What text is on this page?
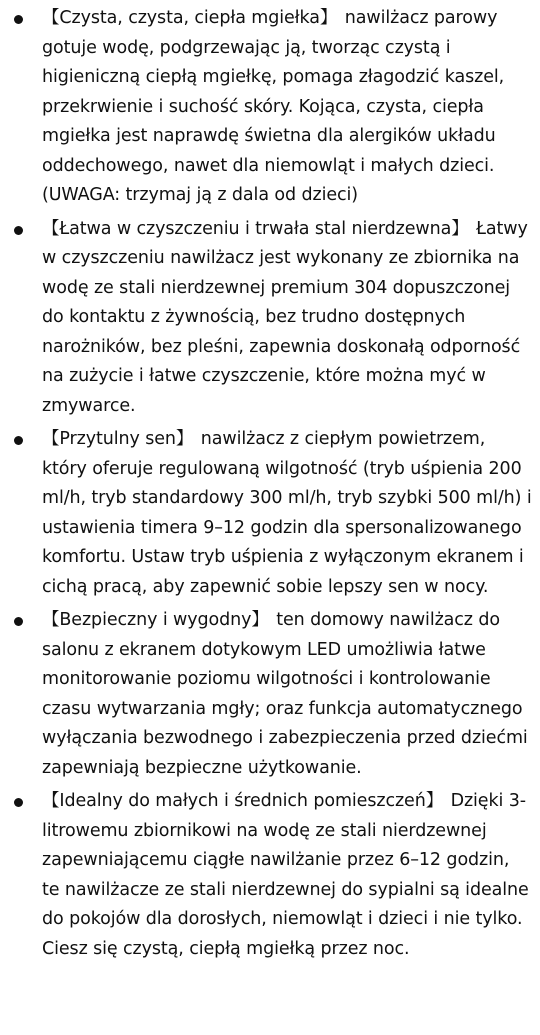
【Czysta, czysta, ciepła mgiełka】 nawilżacz parowy gotuje wodę, podgrzewając ją, tworząc czystą i higieniczną ciepłą mgiełkę, pomaga złagodzić kaszel, przekrwienie i suchość skóry. Kojąca, czysta, ciepła mgiełka jest naprawdę świetna dla alergików układu oddechowego, nawet dla niemowląt i małych dzieci. (UWAGA: trzymaj ją z dala od dzieci)
【Łatwa w czyszczeniu i trwała stal nierdzewna】 Łatwy w czyszczeniu nawilżacz jest wykonany ze zbiornika na wodę ze stali nierdzewnej premium 304 dopuszczonej do kontaktu z żywnością, bez trudno dostępnych narożników, bez pleśni, zapewnia doskonałą odporność na zużycie i łatwe czyszczenie, które można myć w zmywarce.
【Przytulny sen】 nawilżacz z ciepłym powietrzem, który oferuje regulowaną wilgotność (tryb uśpienia 200 ml/h, tryb standardowy 300 ml/h, tryb szybki 500 ml/h) i ustawienia timera 9–12 godzin dla spersonalizowanego komfortu. Ustaw tryb uśpienia z wyłączonym ekranem i cichą pracą, aby zapewnić sobie lepszy sen w nocy.
【Bezpieczny i wygodny】 ten domowy nawilżacz do salonu z ekranem dotykowym LED umożliwia łatwe monitorowanie poziomu wilgotności i kontrolowanie czasu wytwarzania mgły; oraz funkcja automatycznego wyłączania bezwodnego i zabezpieczenia przed dziećmi zapewniają bezpieczne użytkowanie.
【Idealny do małych i średnich pomieszczeń】 Dzięki 3-litrowemu zbiornikowi na wodę ze stali nierdzewnej zapewniającemu ciągłe nawilżanie przez 6–12 godzin, te nawilżacze ze stali nierdzewnej do sypialni są idealne do pokojów dla dorosłych, niemowląt i dzieci i nie tylko. Ciesz się czystą, ciepłą mgiełką przez noc.
